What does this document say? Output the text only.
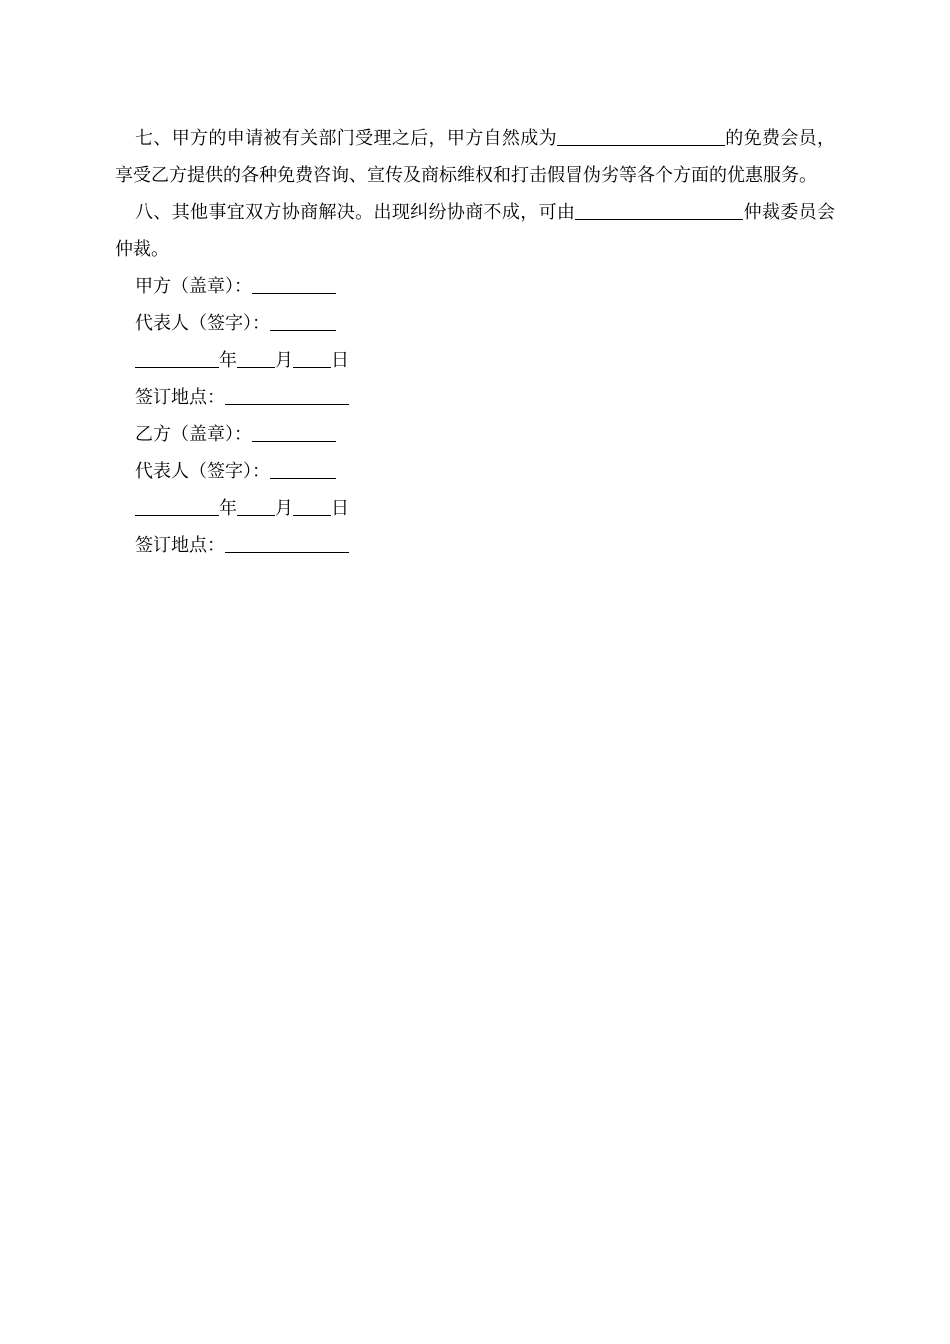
七、甲方的申请被有关部门受理之后，甲方自然成为	的免费会员，享受乙方提供的各种免费咨询、宣传及商标维权和打击假冒伪劣等各个方面的优惠服务。

八、其他事宜双方协商解决。出现纠纷协商不成，可由	仲裁委员会仲裁。

甲方（盖章）：

代表人（签字）：

年 月 日

签订地点：

乙方（盖章）：

代表人（签字）：

年 月 日

签订地点：
